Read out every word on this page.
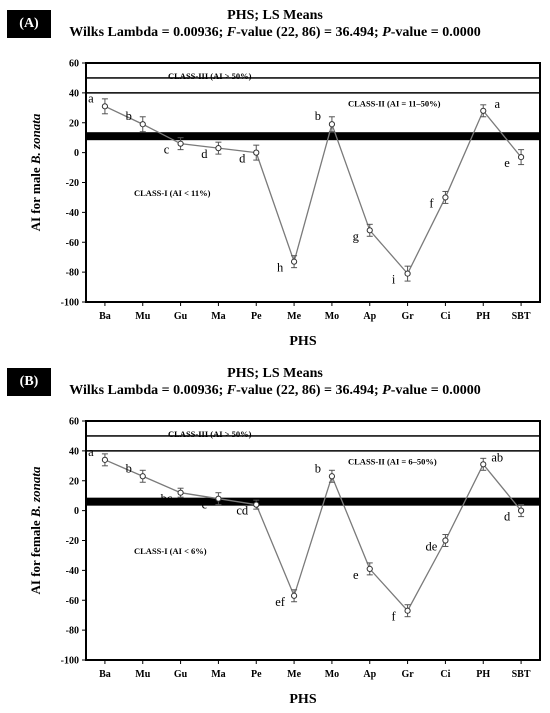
(A)
PHS; LS Means
Wilks Lambda = 0.00936; F-value (22, 86) = 36.494; P-value = 0.0000
60
40
20
0
-20
-40
-60
-80
-100
Ba Mu Gu Ma	Pe	Me Mo Ap	Gr	Ci	PH SBT
PHS
AI for male B. zonata
CLASS-III (AI > 50%)
CLASS-II (AI = 11–50%)
CLASS-I (AI < 11%)
a
b
c	d	d
h
b
g
i
f
a
e
(B)
PHS; LS Means
Wilks Lambda = 0.00936; F-value (22, 86) = 36.494; P-value = 0.0000
60
40
20
0
-20
-40
-60
-80
-100
Ba Mu Gu Ma	Pe	Me Mo Ap	Gr	Ci	PH SBT
PHS
AI for female B. zonata
CLASS-III (AI > 50%)
CLASS-II (AI = 6–50%)
CLASS-I (AI < 6%)
a
b
bc c cd
ef
b
e
f
de
ab
d
